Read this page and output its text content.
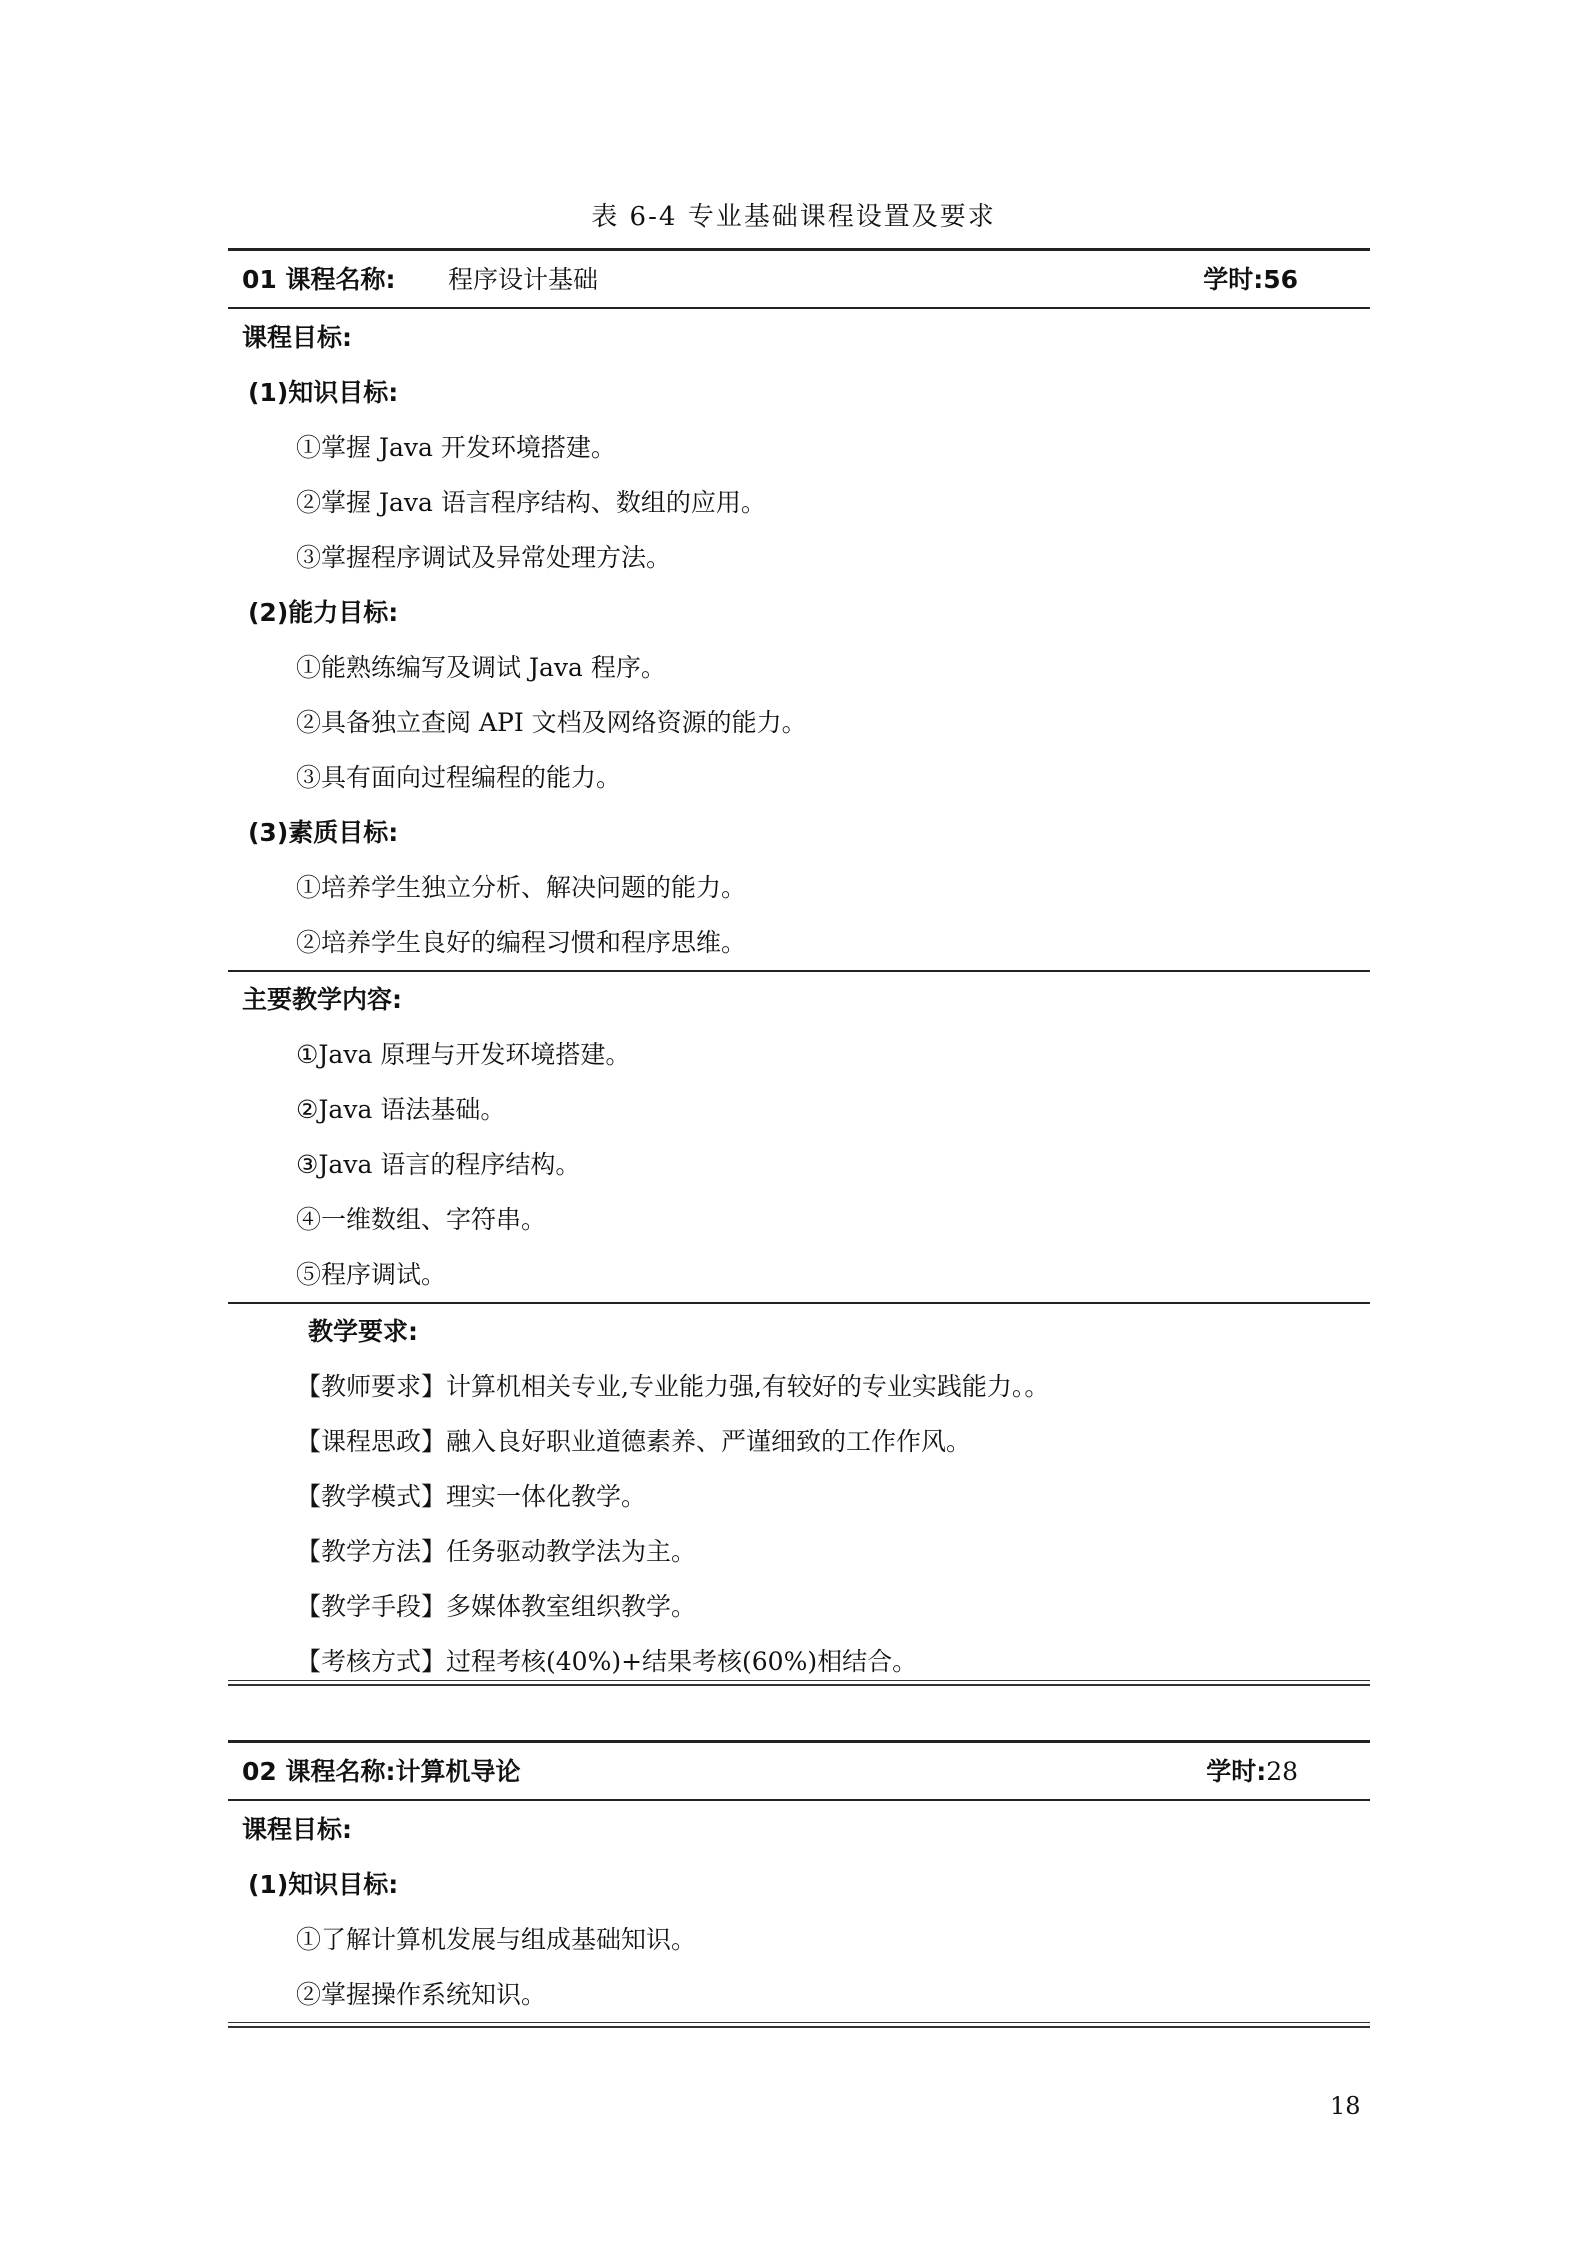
表 6-4 专业基础课程设置及要求
01 课程名称: 程序设计基础	学时:56
课程目标:
(1)知识目标:
①掌握 Java 开发环境搭建。
②掌握 Java 语言程序结构、数组的应用。
③掌握程序调试及异常处理方法。
(2)能力目标:
①能熟练编写及调试 Java 程序。
②具备独立查阅 API 文档及网络资源的能力。
③具有面向过程编程的能力。
(3)素质目标:
①培养学生独立分析、解决问题的能力。
②培养学生良好的编程习惯和程序思维。
主要教学内容:
①Java 原理与开发环境搭建。
②Java 语法基础。
③Java 语言的程序结构。
④一维数组、字符串。
⑤程序调试。
教学要求:
【教师要求】计算机相关专业,专业能力强,有较好的专业实践能力。。
【课程思政】融入良好职业道德素养、严谨细致的工作作风。
【教学模式】理实一体化教学。
【教学方法】任务驱动教学法为主。
【教学手段】多媒体教室组织教学。
【考核方式】过程考核(40%)+结果考核(60%)相结合。
02 课程名称:计算机导论	学时:28
课程目标:
(1)知识目标:
①了解计算机发展与组成基础知识。
②掌握操作系统知识。
18
